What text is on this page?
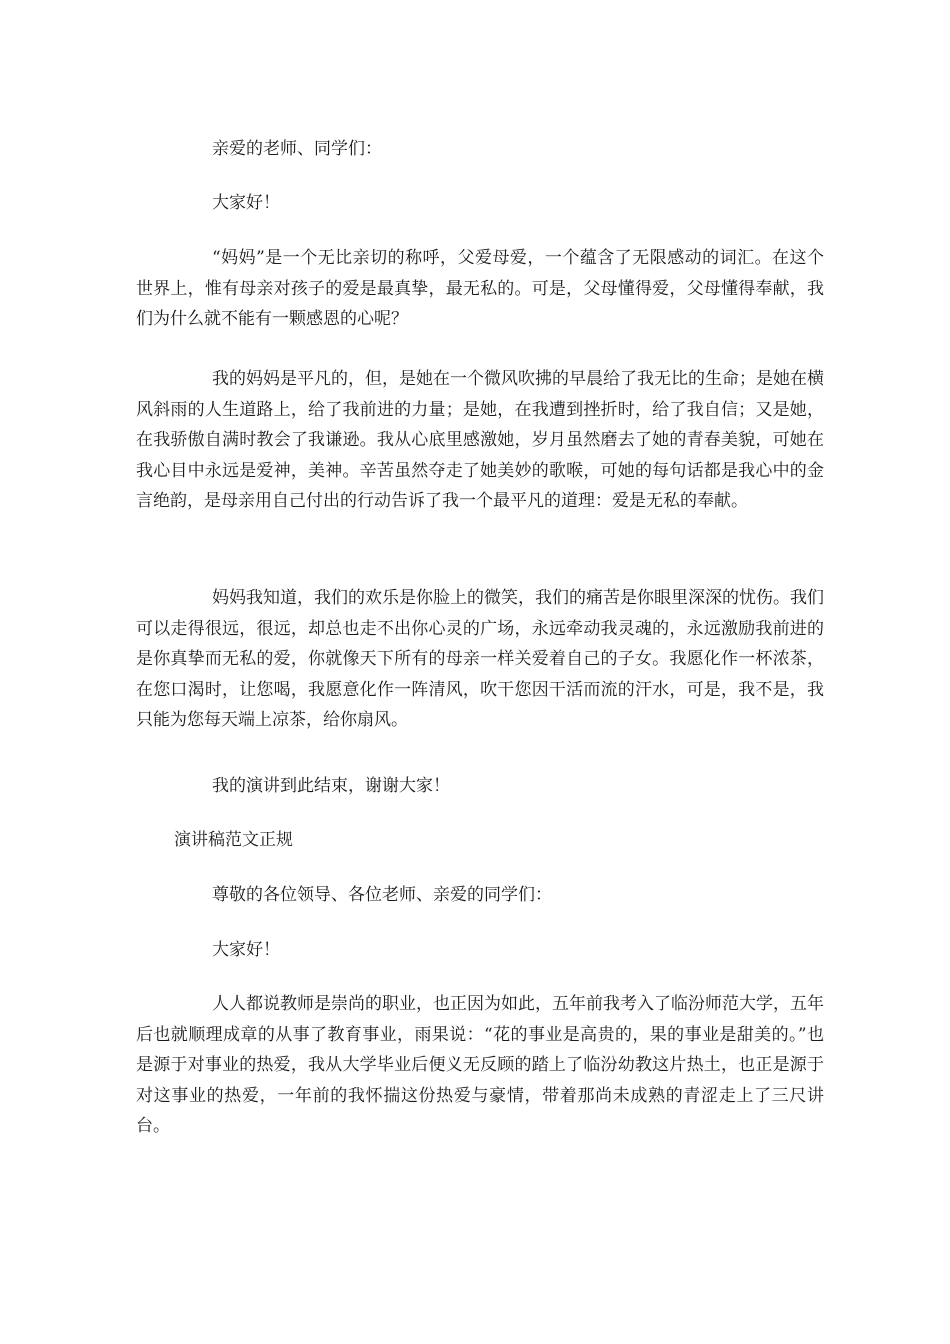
亲爱的老师、同学们：

大家好！

“妈妈”是一个无比亲切的称呼，父爱母爱，一个蕴含了无限感动的词汇。在这个世界上，惟有母亲对孩子的爱是最真挚，最无私的。可是，父母懂得爱，父母懂得奉献，我们为什么就不能有一颗感恩的心呢？

我的妈妈是平凡的，但，是她在一个微风吹拂的早晨给了我无比的生命；是她在横风斜雨的人生道路上，给了我前进的力量；是她，在我遭到挫折时，给了我自信；又是她，在我骄傲自满时教会了我谦逊。我从心底里感激她，岁月虽然磨去了她的青春美貌，可她在我心目中永远是爱神，美神。辛苦虽然夺走了她美妙的歌喉，可她的每句话都是我心中的金言绝韵，是母亲用自己付出的行动告诉了我一个最平凡的道理：爱是无私的奉献。

妈妈我知道，我们的欢乐是你脸上的微笑，我们的痛苦是你眼里深深的忧伤。我们可以走得很远，很远，却总也走不出你心灵的广场，永远牵动我灵魂的，永远激励我前进的是你真挚而无私的爱，你就像天下所有的母亲一样关爱着自己的子女。我愿化作一杯浓茶，在您口渴时，让您喝，我愿意化作一阵清风，吹干您因干活而流的汗水，可是，我不是，我只能为您每天端上凉茶，给你扇风。

我的演讲到此结束，谢谢大家！

演讲稿范文正规

尊敬的各位领导、各位老师、亲爱的同学们：

大家好！

人人都说教师是崇尚的职业，也正因为如此，五年前我考入了临汾师范大学，五年后也就顺理成章的从事了教育事业，雨果说：“花的事业是高贵的，果的事业是甜美的。”也是源于对事业的热爱，我从大学毕业后便义无反顾的踏上了临汾幼教这片热土，也正是源于对这事业的热爱，一年前的我怀揣这份热爱与豪情，带着那尚未成熟的青涩走上了三尺讲台。
